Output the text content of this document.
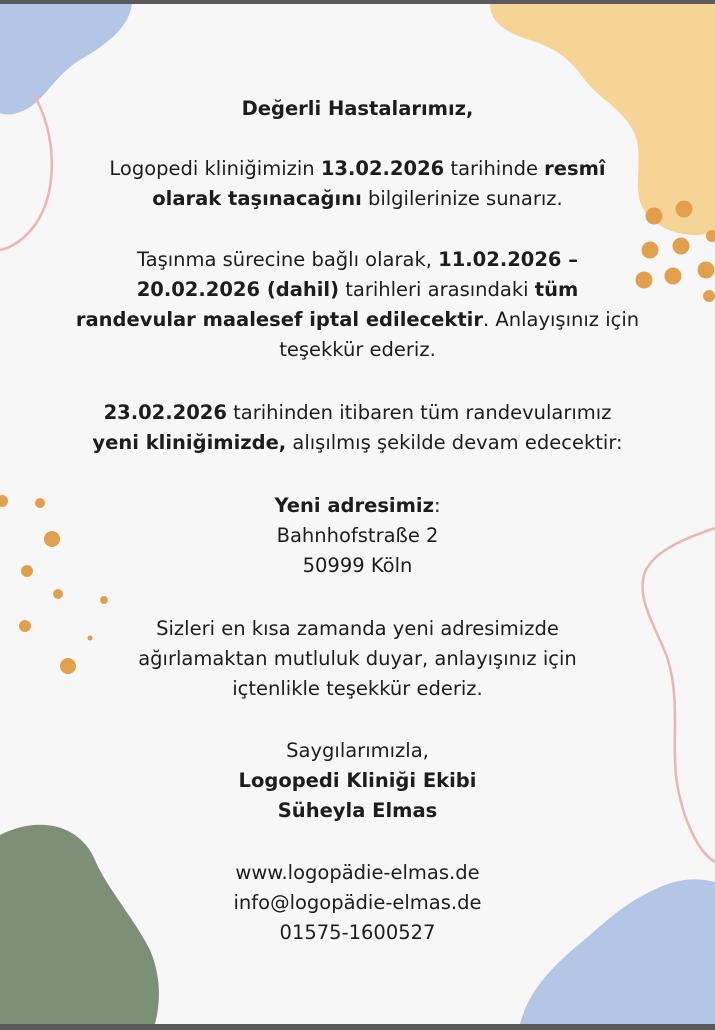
Değerli Hastalarımız,

Logopedi kliniğimizin 13.02.2026 tarihinde resmî

olarak taşınacağını bilgilerinize sunarız.

Taşınma sürecine bağlı olarak, 11.02.2026 –

20.02.2026 (dahil) tarihleri arasındaki tüm

randevular maalesef iptal edilecektir. Anlayışınız için

teşekkür ederiz.

23.02.2026 tarihinden itibaren tüm randevularımız

yeni kliniğimizde, alışılmış şekilde devam edecektir:

Yeni adresimiz:

Bahnhofstraße 2

50999 Köln

Sizleri en kısa zamanda yeni adresimizde

ağırlamaktan mutluluk duyar, anlayışınız için

içtenlikle teşekkür ederiz.

Saygılarımızla,

Logopedi Kliniği Ekibi

Süheyla Elmas

www.logopädie-elmas.de

info@logopädie-elmas.de

01575-1600527
